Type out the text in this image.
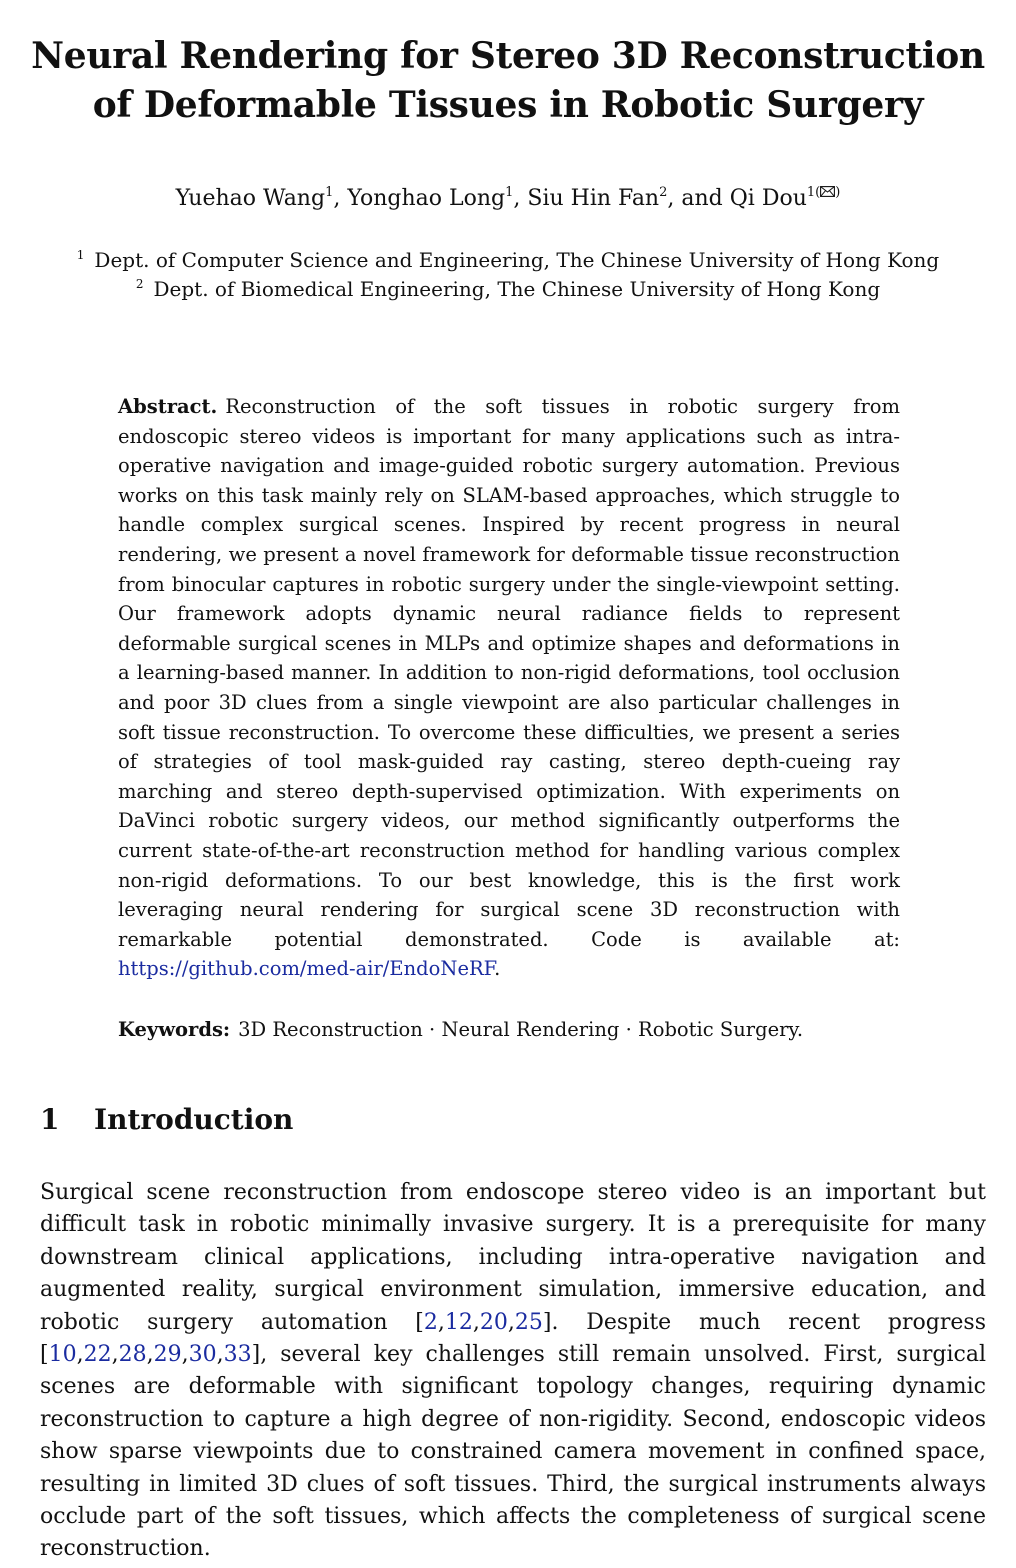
Neural Rendering for Stereo 3D Reconstruction
of Deformable Tissues in Robotic Surgery
Yuehao Wang$^1$, Yonghao Long$^1$, Siu Hin Fan$^2$, and Qi Dou$^{1( )}$
$^1$ Dept. of Computer Science and Engineering, The Chinese University of Hong Kong
$^2$ Dept. of Biomedical Engineering, The Chinese University of Hong Kong
Abstract. Reconstruction of the soft tissues in robotic surgery from endoscopic stereo videos is important for many applications such as intra-operative navigation and image-guided robotic surgery automation. Previous works on this task mainly rely on SLAM-based approaches, which struggle to handle complex surgical scenes. Inspired by recent progress in neural rendering, we present a novel framework for deformable tissue reconstruction from binocular captures in robotic surgery under the single-viewpoint setting. Our framework adopts dynamic neural radiance fields to represent deformable surgical scenes in MLPs and optimize shapes and deformations in a learning-based manner. In addition to non-rigid deformations, tool occlusion and poor 3D clues from a single viewpoint are also particular challenges in soft tissue reconstruction. To overcome these difficulties, we present a series of strategies of tool mask-guided ray casting, stereo depth-cueing ray marching and stereo depth-supervised optimization. With experiments on DaVinci robotic surgery videos, our method significantly outperforms the current state-of-the-art reconstruction method for handling various complex non-rigid deformations. To our best knowledge, this is the first work leveraging neural rendering for surgical scene 3D reconstruction with remarkable potential demonstrated. Code is available at: https://github.com/med-air/EndoNeRF.
Keywords: 3D Reconstruction · Neural Rendering · Robotic Surgery.
1 Introduction
Surgical scene reconstruction from endoscope stereo video is an important but difficult task in robotic minimally invasive surgery. It is a prerequisite for many downstream clinical applications, including intra-operative navigation and augmented reality, surgical environment simulation, immersive education, and robotic surgery automation [2,12,20,25]. Despite much recent progress [10,22,28,29,30,33], several key challenges still remain unsolved. First, surgical scenes are deformable with significant topology changes, requiring dynamic reconstruction to capture a high degree of non-rigidity. Second, endoscopic videos show sparse viewpoints due to constrained camera movement in confined space, resulting in limited 3D clues of soft tissues. Third, the surgical instruments always occlude part of the soft tissues, which affects the completeness of surgical scene reconstruction.
